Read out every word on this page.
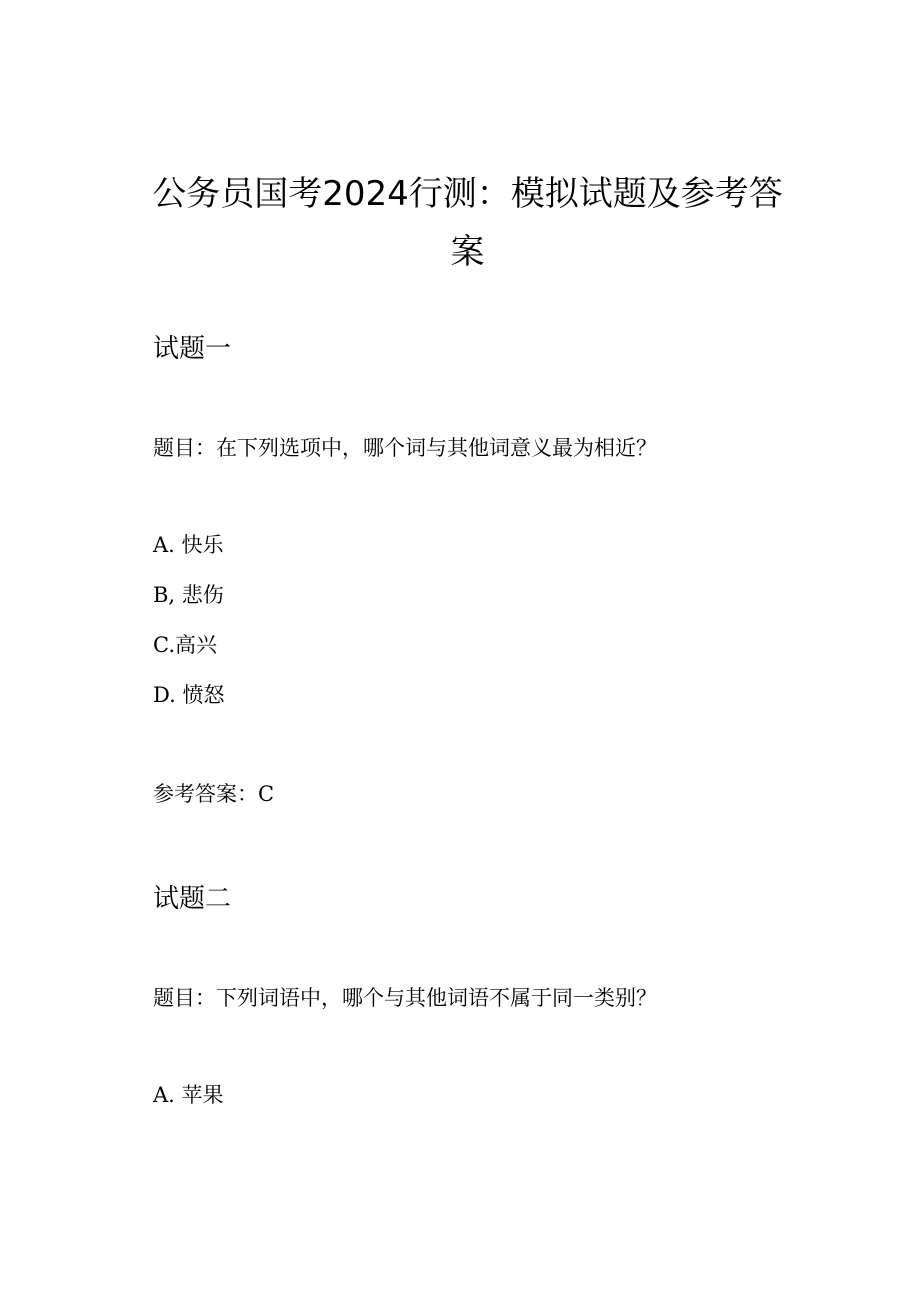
公务员国考2024行测：模拟试题及参考答案
试题一

题目：在下列选项中，哪个词与其他词意义最为相近？

A. 快乐

B, 悲伤

C.高兴

D. 愤怒

参考答案：C

试题二

题目：下列词语中，哪个与其他词语不属于同一类别？

A. 苹果
